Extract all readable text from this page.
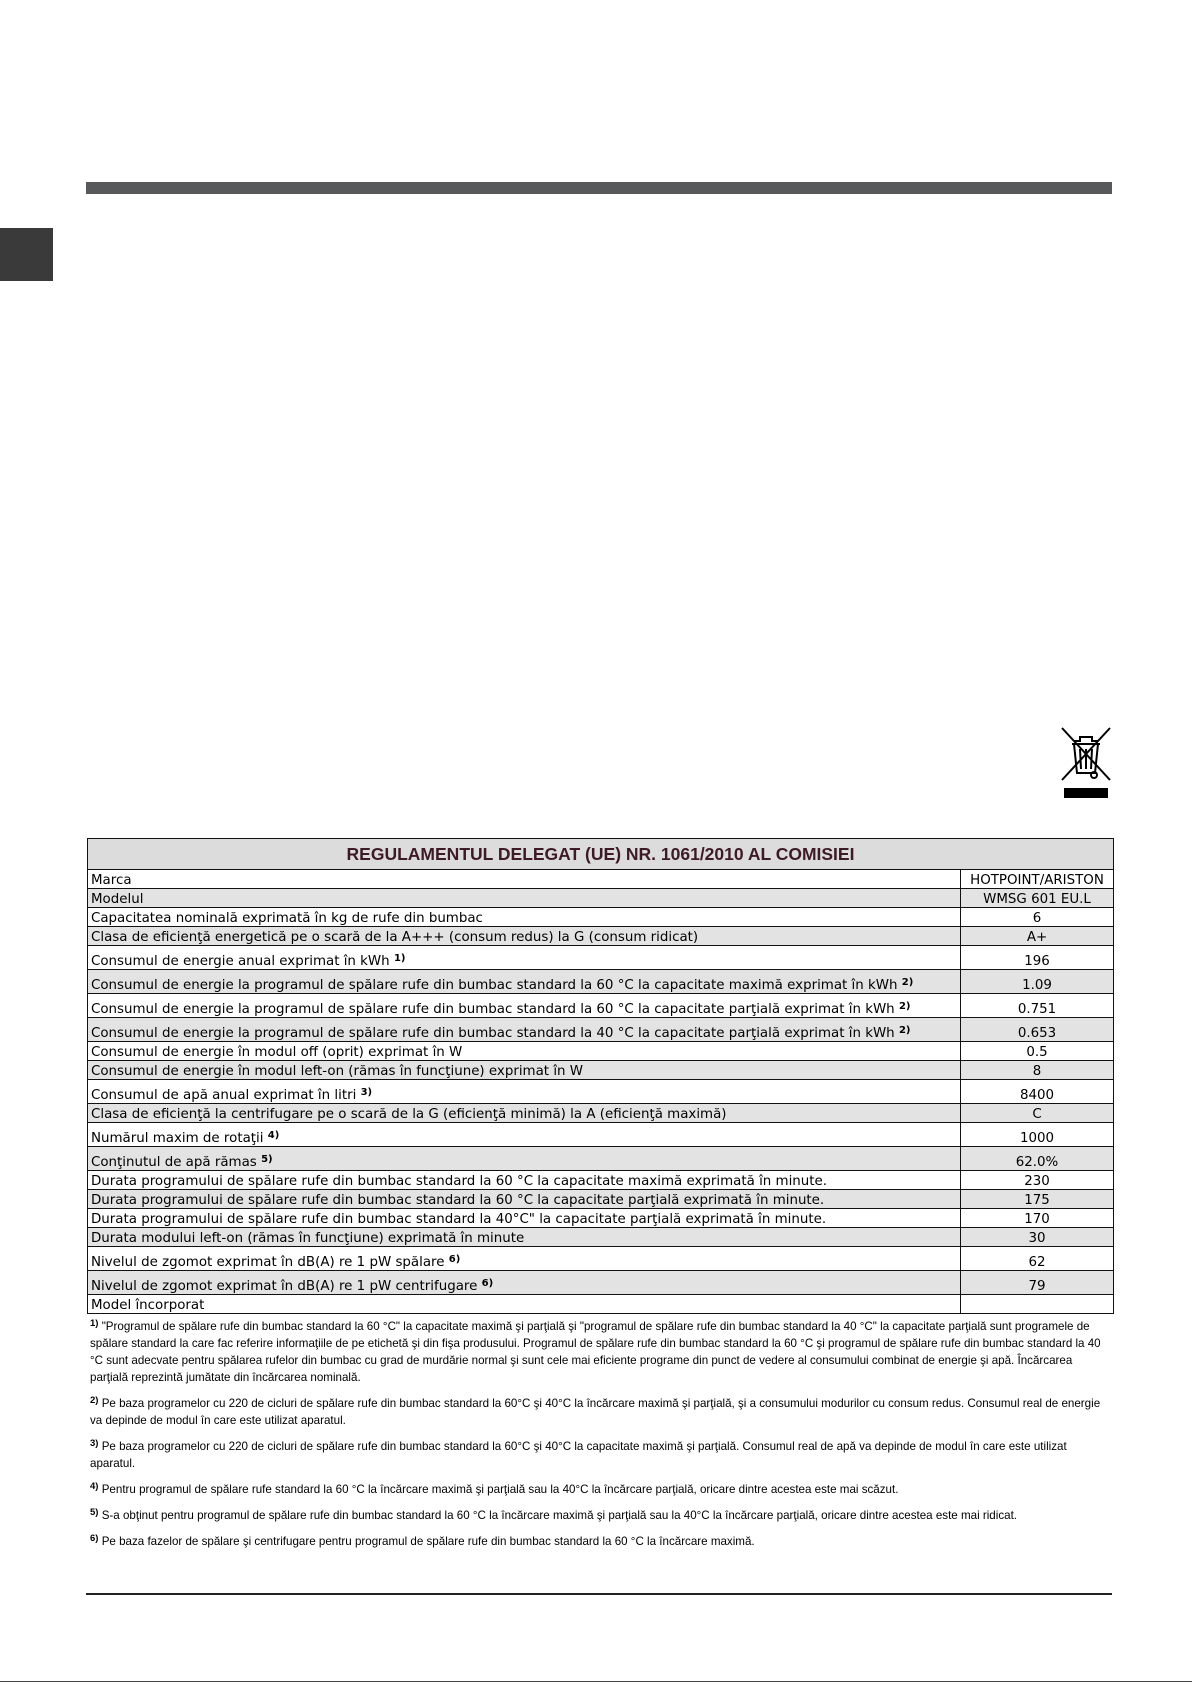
REGULAMENTUL DELEGAT (UE) NR. 1061/2010 AL COMISIEI	
Marca	HOTPOINT/ARISTON
Modelul	WMSG 601 EU.L
Capacitatea nominală exprimată în kg de rufe din bumbac	6
Clasa de eficienţă energetică pe o scară de la A+++ (consum redus) la G (consum ridicat)	A+
Consumul de energie anual exprimat în kWh $^{1)}$	196
Consumul de energie la programul de spălare rufe din bumbac standard la 60 °C la capacitate maximă exprimat în kWh $^{2)}$	1.09
Consumul de energie la programul de spălare rufe din bumbac standard la 60 °C la capacitate parţială exprimat în kWh $^{2)}$	0.751
Consumul de energie la programul de spălare rufe din bumbac standard la 40 °C la capacitate parţială exprimat în kWh $^{2)}$	0.653
Consumul de energie în modul off (oprit) exprimat în W	0.5
Consumul de energie în modul left-on (rămas în funcţiune) exprimat în W	8
Consumul de apă anual exprimat în litri $^{3)}$	8400
Clasa de eficienţă la centrifugare pe o scară de la G (eficienţă minimă) la A (eficienţă maximă)	C
Numărul maxim de rotaţii $^{4)}$	1000
Conţinutul de apă rămas $^{5)}$	62.0%
Durata programului de spălare rufe din bumbac standard la 60 °C la capacitate maximă exprimată în minute.	230
Durata programului de spălare rufe din bumbac standard la 60 °C la capacitate parţială exprimată în minute.	175
Durata programului de spălare rufe din bumbac standard la 40°C" la capacitate parţială exprimată în minute.	170
Durata modului left-on (rămas în funcţiune) exprimată în minute	30
Nivelul de zgomot exprimat în dB(A) re 1 pW spălare $^{6)}$	62
Nivelul de zgomot exprimat în dB(A) re 1 pW centrifugare $^{6)}$	79
Model încorporat	

$^{1)}$ "Programul de spălare rufe din bumbac standard la 60 °C" la capacitate maximă şi parţială şi "programul de spălare rufe din bumbac standard la 40 °C" la capacitate parţială sunt programele de spălare standard la care fac referire informaţiile de pe etichetă şi din fişa produsului. Programul de spălare rufe din bumbac standard la 60 °C şi programul de spălare rufe din bumbac standard la 40 °C sunt adecvate pentru spălarea rufelor din bumbac cu grad de murdărie normal şi sunt cele mai eficiente programe din punct de vedere al consumului combinat de energie şi apă. Încărcarea parţială reprezintă jumătate din încărcarea nominală.

$^{2)}$ Pe baza programelor cu 220 de cicluri de spălare rufe din bumbac standard la 60°C şi 40°C la încărcare maximă şi parţială, şi a consumului modurilor cu consum redus. Consumul real de energie va depinde de modul în care este utilizat aparatul.

$^{3)}$ Pe baza programelor cu 220 de cicluri de spălare rufe din bumbac standard la 60°C şi 40°C la capacitate maximă şi parţială. Consumul real de apă va depinde de modul în care este utilizat aparatul.

$^{4)}$ Pentru programul de spălare rufe standard la 60 °C la încărcare maximă şi parţială sau la 40°C la încărcare parţială, oricare dintre acestea este mai scăzut.

$^{5)}$ S-a obţinut pentru programul de spălare rufe din bumbac standard la 60 °C la încărcare maximă şi parţială sau la 40°C la încărcare parţială, oricare dintre acestea este mai ridicat.

$^{6)}$ Pe baza fazelor de spălare şi centrifugare pentru programul de spălare rufe din bumbac standard la 60 °C la încărcare maximă.
